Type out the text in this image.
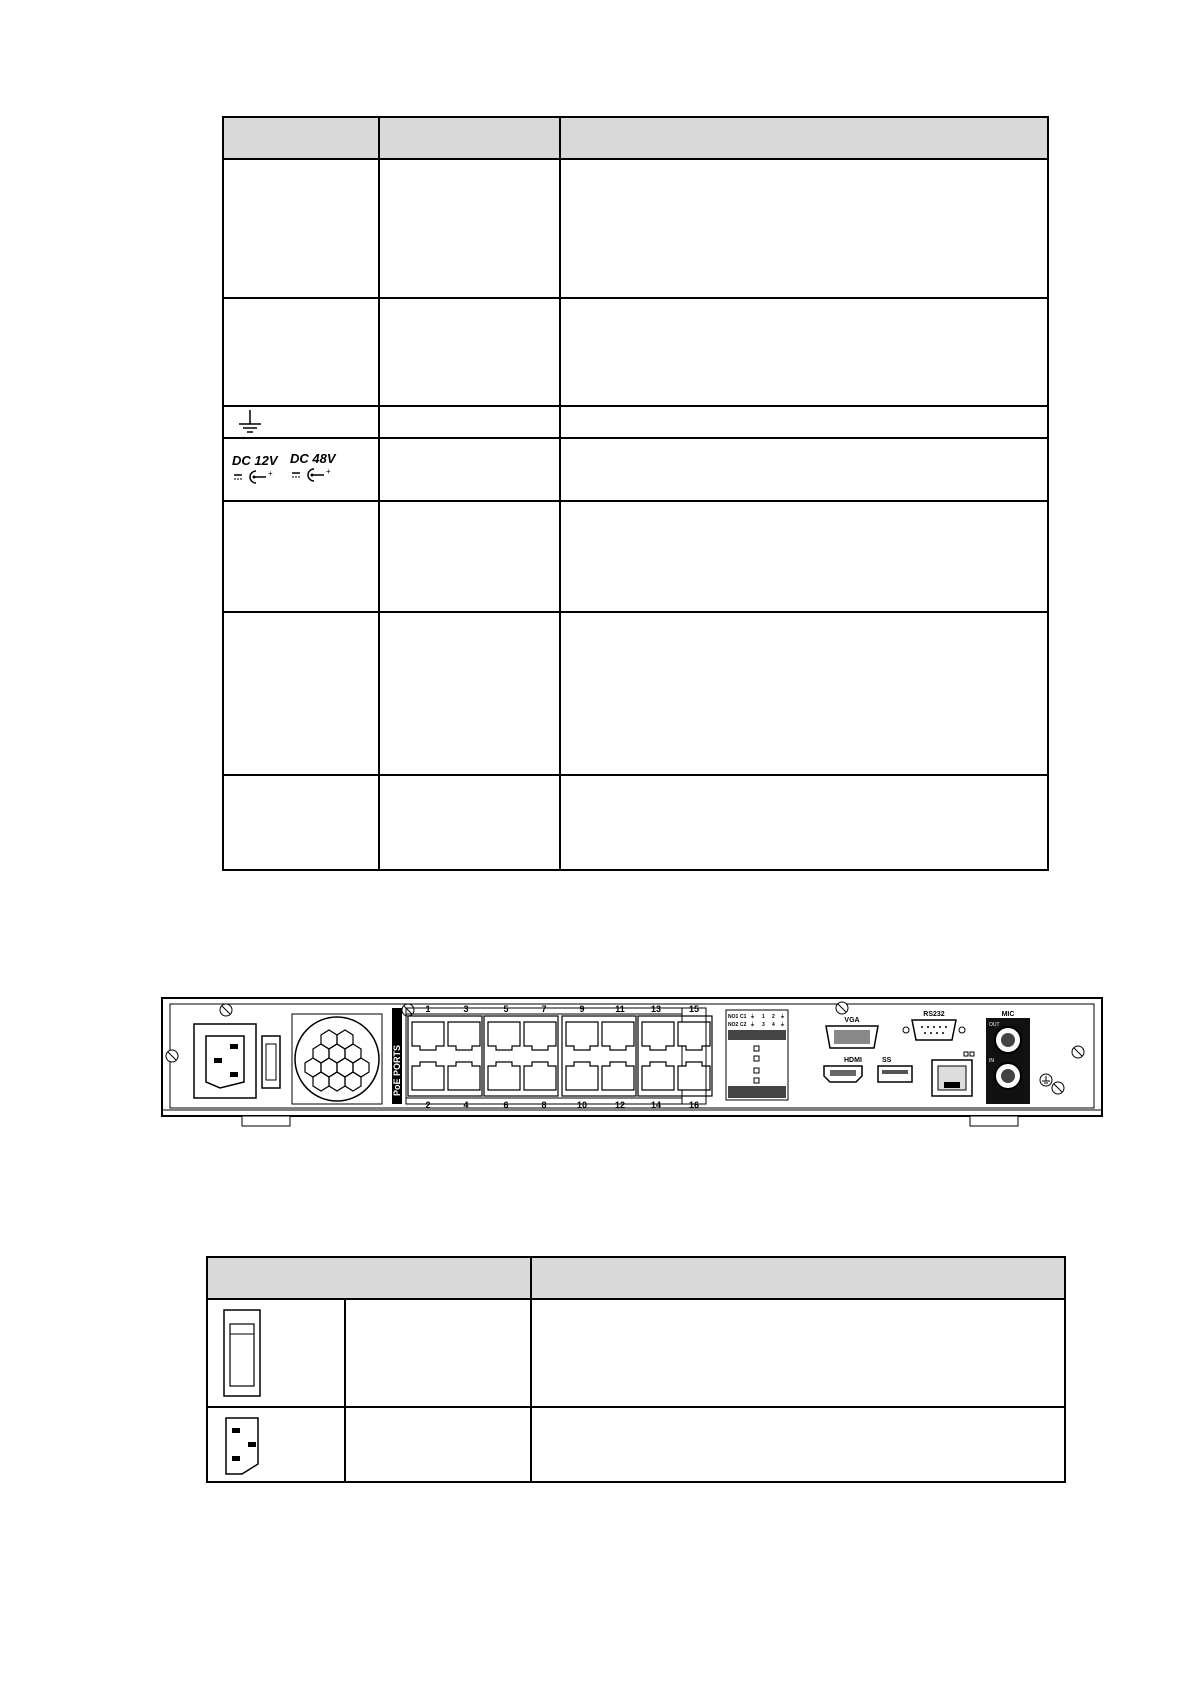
DC 12V
+
DC 48V
+		

PoE PORTS
1	3	5	7	9	11	13	15
2	4	6	8	10	12	14	16
NO1 C1 ⏚ 1 2 ⏚
NO2 C2 ⏚ 3 4 ⏚
VGA
RS232
HDMI	SS
MIC
OUT
IN
